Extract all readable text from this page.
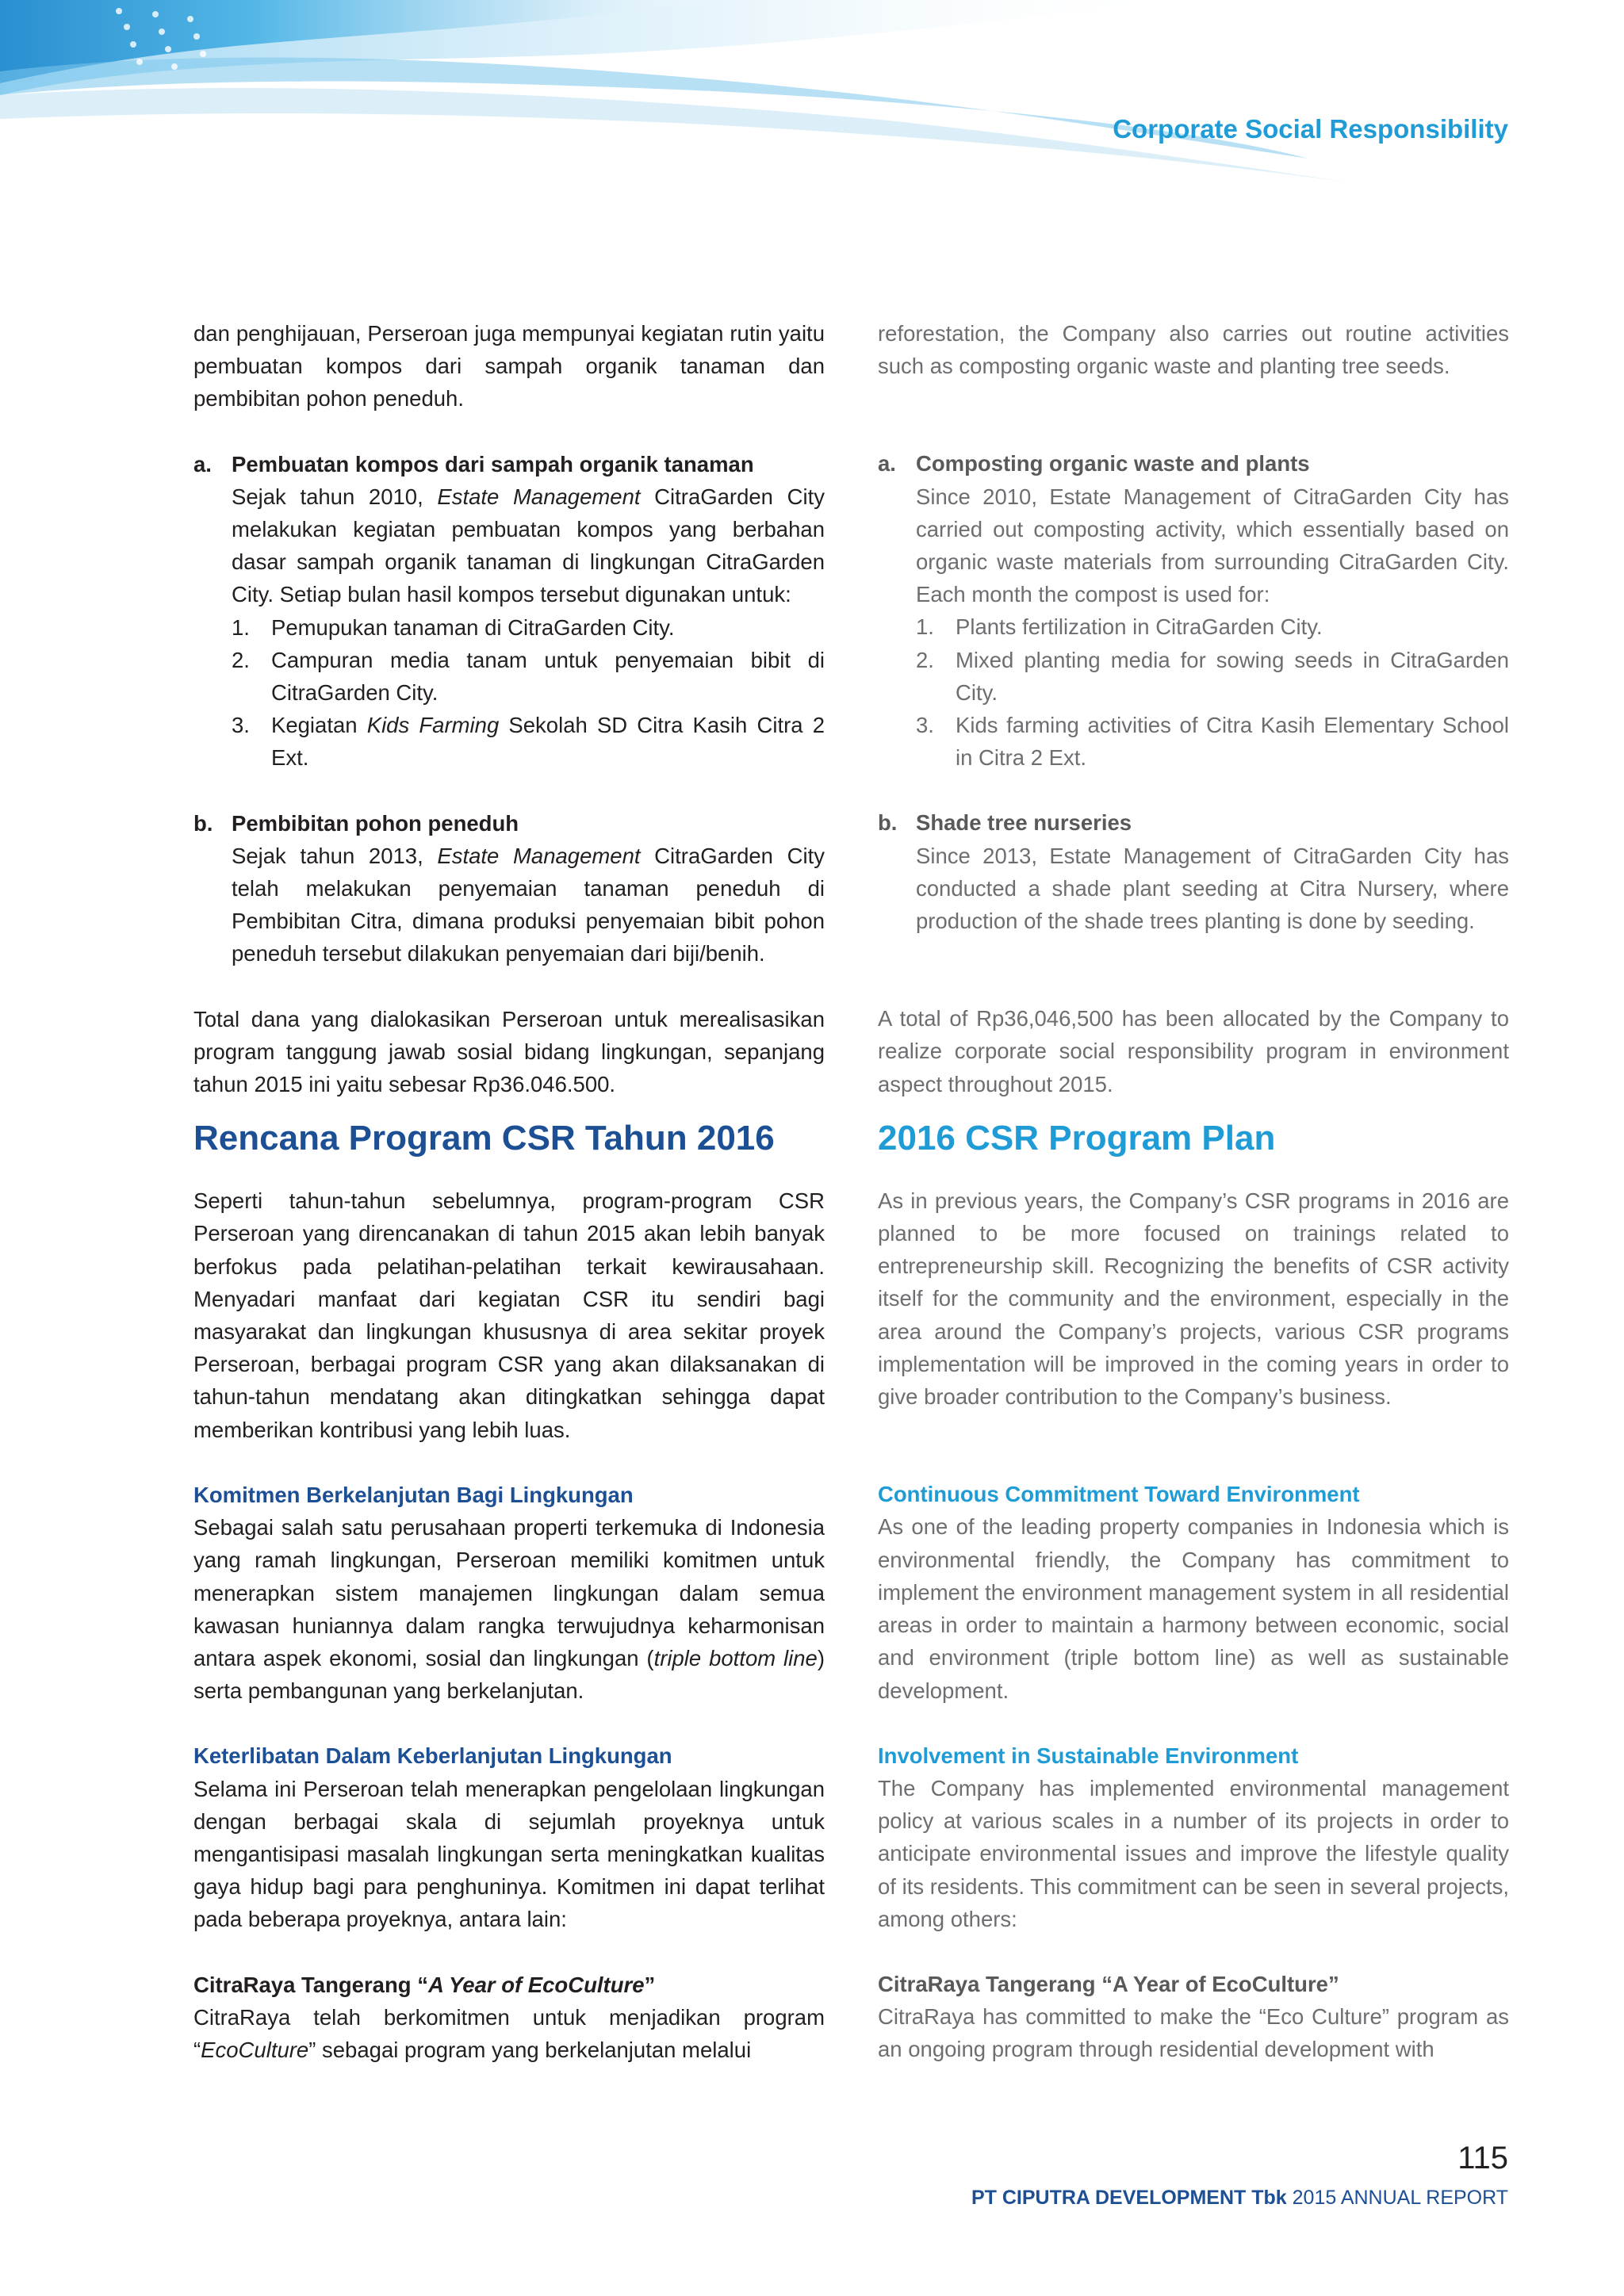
Corporate Social Responsibility

dan penghijauan, Perseroan juga mempunyai kegiatan rutin yaitu pembuatan kompos dari sampah organik tanaman dan pembibitan pohon peneduh.

a. Pembuatan kompos dari sampah organik tanaman

Sejak tahun 2010, Estate Management CitraGarden City melakukan kegiatan pembuatan kompos yang berbahan dasar sampah organik tanaman di lingkungan CitraGarden City. Setiap bulan hasil kompos tersebut digunakan untuk:

1. Pemupukan tanaman di CitraGarden City.
2. Campuran media tanam untuk penyemaian bibit di CitraGarden City.
3. Kegiatan Kids Farming Sekolah SD Citra Kasih Citra 2 Ext.
b. Pembibitan pohon peneduh

Sejak tahun 2013, Estate Management CitraGarden City telah melakukan penyemaian tanaman peneduh di Pembibitan Citra, dimana produksi penyemaian bibit pohon peneduh tersebut dilakukan penyemaian dari biji/benih.

Total dana yang dialokasikan Perseroan untuk merealisasikan program tanggung jawab sosial bidang lingkungan, sepanjang tahun 2015 ini yaitu sebesar Rp36.046.500.

Rencana Program CSR Tahun 2016

Seperti tahun-tahun sebelumnya, program-program CSR Perseroan yang direncanakan di tahun 2015 akan lebih banyak berfokus pada pelatihan-pelatihan terkait kewirausahaan. Menyadari manfaat dari kegiatan CSR itu sendiri bagi masyarakat dan lingkungan khususnya di area sekitar proyek Perseroan, berbagai program CSR yang akan dilaksanakan di tahun-tahun mendatang akan ditingkatkan sehingga dapat memberikan kontribusi yang lebih luas.

Komitmen Berkelanjutan Bagi Lingkungan

Sebagai salah satu perusahaan properti terkemuka di Indonesia yang ramah lingkungan, Perseroan memiliki komitmen untuk menerapkan sistem manajemen lingkungan dalam semua kawasan huniannya dalam rangka terwujudnya keharmonisan antara aspek ekonomi, sosial dan lingkungan (triple bottom line) serta pembangunan yang berkelanjutan.

Keterlibatan Dalam Keberlanjutan Lingkungan

Selama ini Perseroan telah menerapkan pengelolaan lingkungan dengan berbagai skala di sejumlah proyeknya untuk mengantisipasi masalah lingkungan serta meningkatkan kualitas gaya hidup bagi para penghuninya. Komitmen ini dapat terlihat pada beberapa proyeknya, antara lain:

CitraRaya Tangerang “A Year of EcoCulture”

CitraRaya telah berkomitmen untuk menjadikan program “EcoCulture” sebagai program yang berkelanjutan melalui

reforestation, the Company also carries out routine activities such as composting organic waste and planting tree seeds.

a. Composting organic waste and plants

Since 2010, Estate Management of CitraGarden City has carried out composting activity, which essentially based on organic waste materials from surrounding CitraGarden City. Each month the compost is used for:

1. Plants fertilization in CitraGarden City.
2. Mixed planting media for sowing seeds in CitraGarden City.
3. Kids farming activities of Citra Kasih Elementary School in Citra 2 Ext.
b. Shade tree nurseries

Since 2013, Estate Management of CitraGarden City has conducted a shade plant seeding at Citra Nursery, where production of the shade trees planting is done by seeding.

A total of Rp36,046,500 has been allocated by the Company to realize corporate social responsibility program in environment aspect throughout 2015.

2016 CSR Program Plan

As in previous years, the Company’s CSR programs in 2016 are planned to be more focused on trainings related to entrepreneurship skill. Recognizing the benefits of CSR activity itself for the community and the environment, especially in the area around the Company’s projects, various CSR programs implementation will be improved in the coming years in order to give broader contribution to the Company’s business.

Continuous Commitment Toward Environment

As one of the leading property companies in Indonesia which is environmental friendly, the Company has commitment to implement the environment management system in all residential areas in order to maintain a harmony between economic, social and environment (triple bottom line) as well as sustainable development.

Involvement in Sustainable Environment

The Company has implemented environmental management policy at various scales in a number of its projects in order to anticipate environmental issues and improve the lifestyle quality of its residents. This commitment can be seen in several projects, among others:

CitraRaya Tangerang “A Year of EcoCulture”

CitraRaya has committed to make the “Eco Culture” program as an ongoing program through residential development with

115
PT CIPUTRA DEVELOPMENT Tbk 2015 ANNUAL REPORT
